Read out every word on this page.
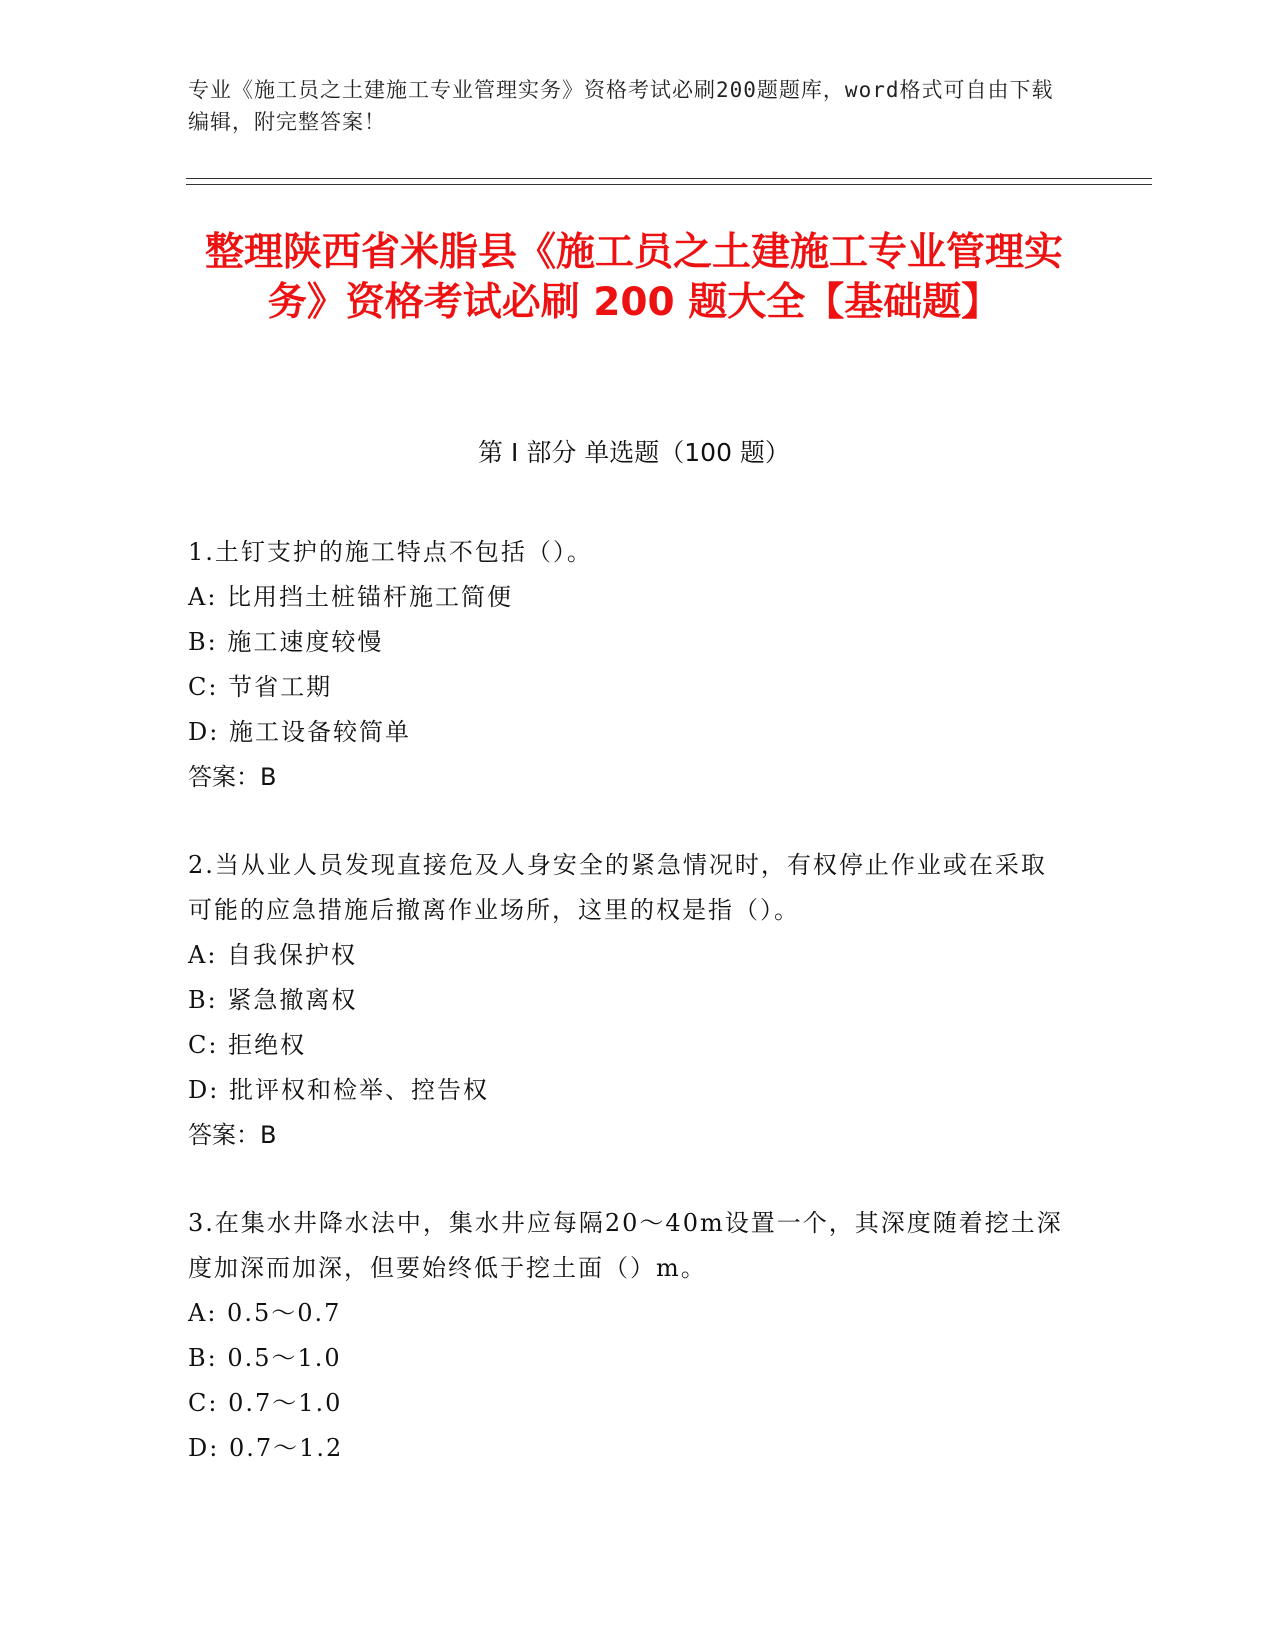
专业《施工员之土建施工专业管理实务》资格考试必刷200题题库，word格式可自由下载编辑，附完整答案！
整理陕西省米脂县《施工员之土建施工专业管理实务》资格考试必刷 200 题大全【基础题】
第 I 部分 单选题（100 题）

1.土钉支护的施工特点不包括（）。

A: 比用挡土桩锚杆施工简便

B: 施工速度较慢

C: 节省工期

D: 施工设备较简单

答案：B

2.当从业人员发现直接危及人身安全的紧急情况时，有权停止作业或在采取可能的应急措施后撤离作业场所，这里的权是指（）。

A: 自我保护权

B: 紧急撤离权

C: 拒绝权

D: 批评权和检举、控告权

答案：B

3.在集水井降水法中，集水井应每隔20～40m设置一个，其深度随着挖土深度加深而加深，但要始终低于挖土面（）m。

A: 0.5～0.7

B: 0.5～1.0

C: 0.7～1.0

D: 0.7～1.2
